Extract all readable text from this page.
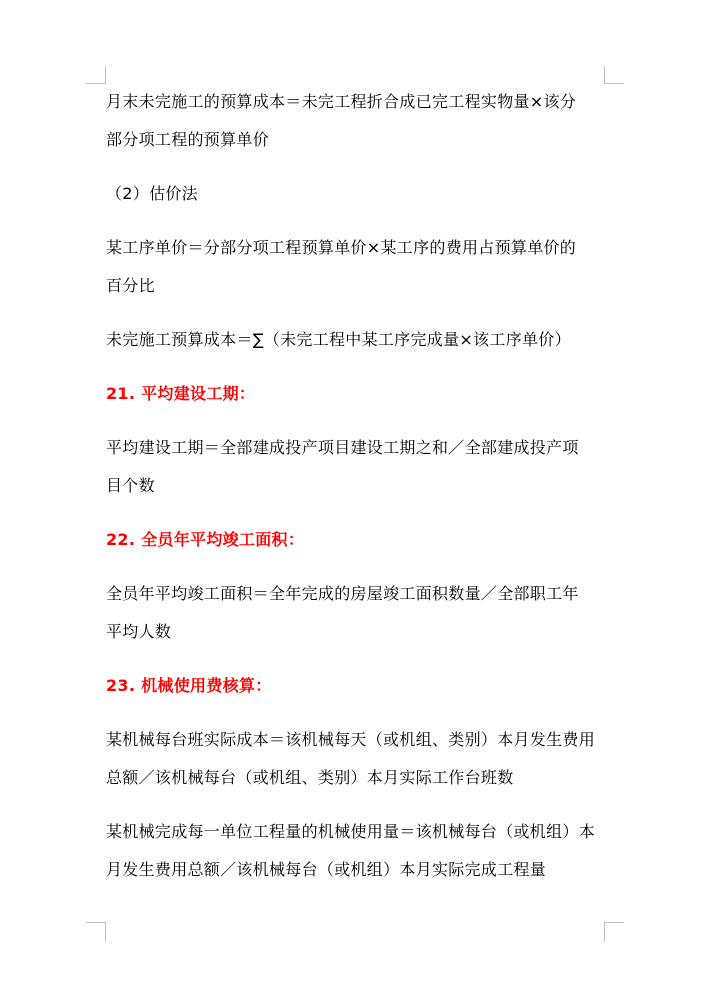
月末未完施工的预算成本＝未完工程折合成已完工程实物量×该分
部分项工程的预算单价
（2）估价法
某工序单价＝分部分项工程预算单价×某工序的费用占预算单价的
百分比
未完施工预算成本＝∑（未完工程中某工序完成量×该工序单价）
21. 平均建设工期：
平均建设工期＝全部建成投产项目建设工期之和／全部建成投产项
目个数
22. 全员年平均竣工面积：
全员年平均竣工面积＝全年完成的房屋竣工面积数量／全部职工年
平均人数
23. 机械使用费核算：
某机械每台班实际成本＝该机械每天（或机组、类别）本月发生费用
总额／该机械每台（或机组、类别）本月实际工作台班数
某机械完成每一单位工程量的机械使用量＝该机械每台（或机组）本
月发生费用总额／该机械每台（或机组）本月实际完成工程量
